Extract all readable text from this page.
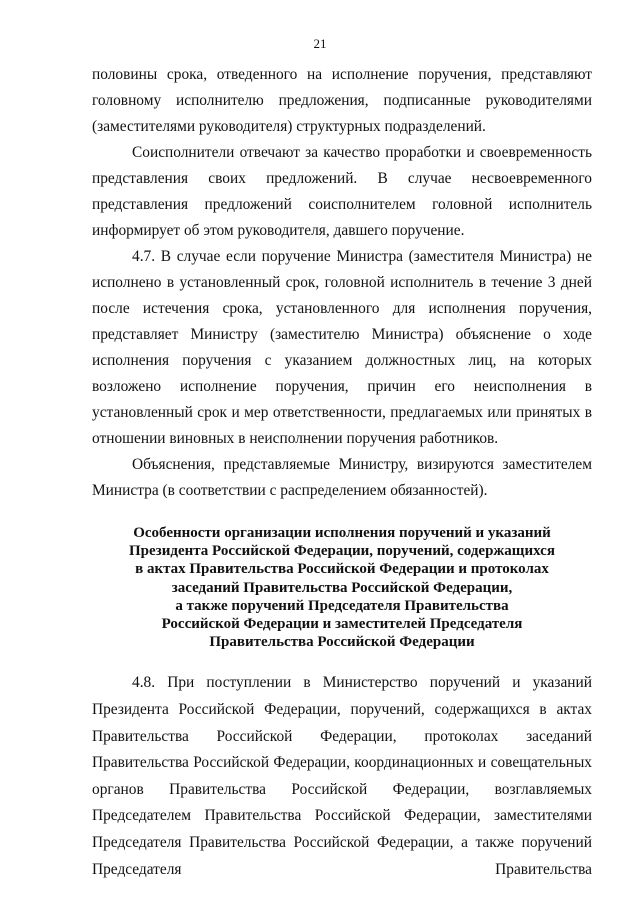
21

половины срока, отведенного на исполнение поручения, представляют головному исполнителю предложения, подписанные руководителями (заместителями руководителя) структурных подразделений.

Соисполнители отвечают за качество проработки и своевременность представления своих предложений. В случае несвоевременного представления предложений соисполнителем головной исполнитель информирует об этом руководителя, давшего поручение.

4.7. В случае если поручение Министра (заместителя Министра) не исполнено в установленный срок, головной исполнитель в течение 3 дней после истечения срока, установленного для исполнения поручения, представляет Министру (заместителю Министра) объяснение о ходе исполнения поручения с указанием должностных лиц, на которых возложено исполнение поручения, причин его неисполнения в установленный срок и мер ответственности, предлагаемых или принятых в отношении виновных в неисполнении поручения работников.

Объяснения, представляемые Министру, визируются заместителем Министра (в соответствии с распределением обязанностей).

Особенности организации исполнения поручений и указаний
Президента Российской Федерации, поручений, содержащихся
в актах Правительства Российской Федерации и протоколах
заседаний Правительства Российской Федерации,
а также поручений Председателя Правительства
Российской Федерации и заместителей Председателя
Правительства Российской Федерации

4.8. При поступлении в Министерство поручений и указаний Президента Российской Федерации, поручений, содержащихся в актах Правительства Российской Федерации, протоколах заседаний Правительства Российской Федерации, координационных и совещательных органов Правительства Российской Федерации, возглавляемых Председателем Правительства Российской Федерации, заместителями Председателя Правительства Российской Федерации, а также поручений Председателя Правительства
